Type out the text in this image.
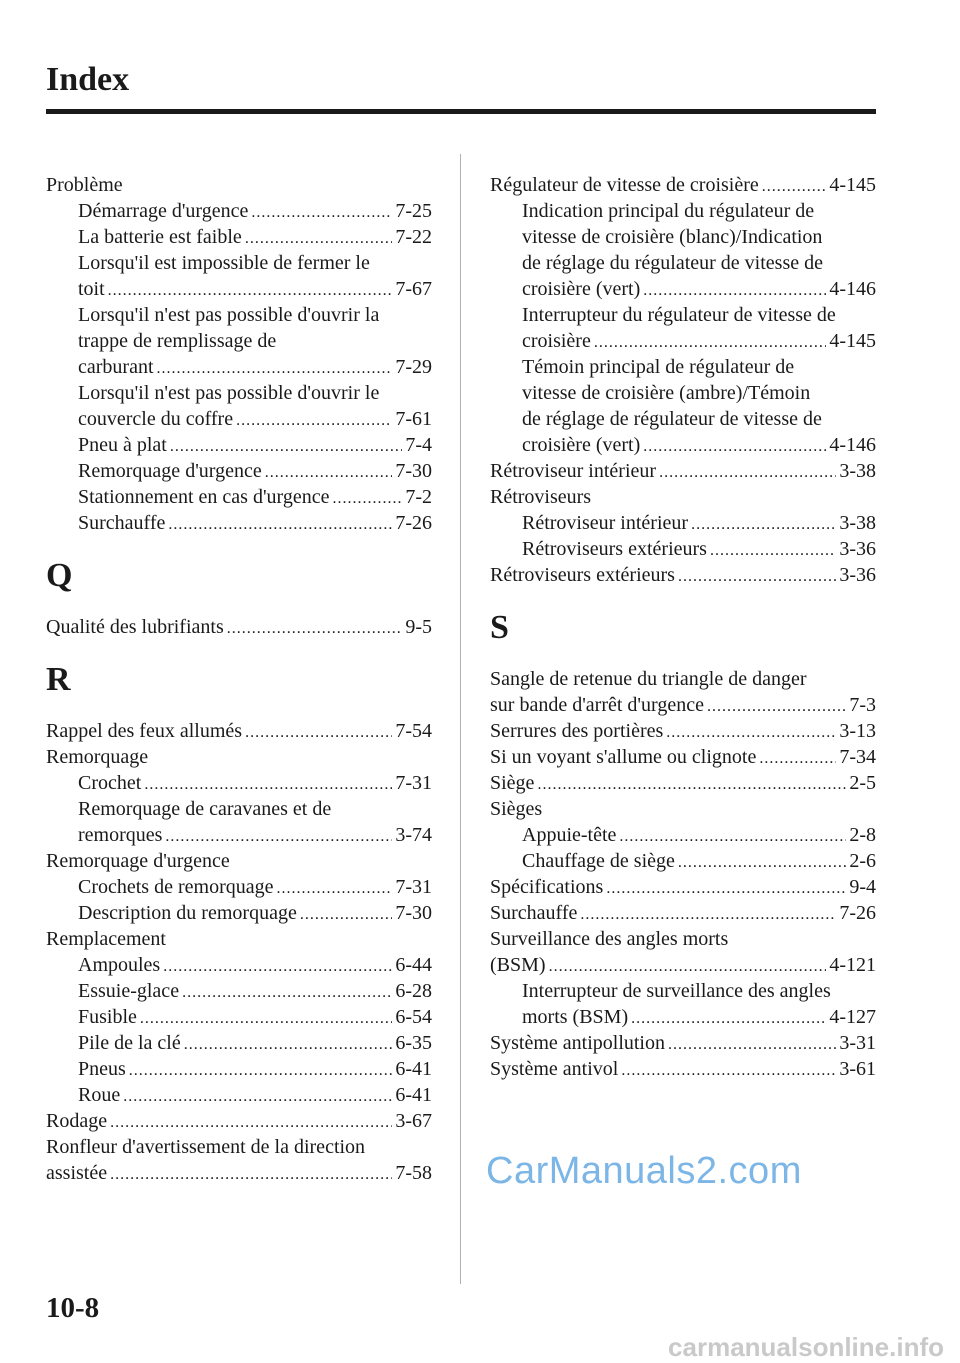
Index
Problème
Démarrage d'urgence .....	7-25
La batterie est faible .....	7-22
Lorsqu'il est impossible de fermer le
toit .....	7-67
Lorsqu'il n'est pas possible d'ouvrir la
trappe de remplissage de
carburant .....	7-29
Lorsqu'il n'est pas possible d'ouvrir le
couvercle du coffre .....	7-61
Pneu à plat .....	7-4
Remorquage d'urgence .....	7-30
Stationnement en cas d'urgence .....	7-2
Surchauffe .....	7-26
Q
Qualité des lubrifiants .....	9-5
R
Rappel des feux allumés .....	7-54
Remorquage
Crochet .....	7-31
Remorquage de caravanes et de
remorques .....	3-74
Remorquage d'urgence
Crochets de remorquage .....	7-31
Description du remorquage .....	7-30
Remplacement
Ampoules .....	6-44
Essuie-glace .....	6-28
Fusible .....	6-54
Pile de la clé .....	6-35
Pneus .....	6-41
Roue .....	6-41
Rodage .....	3-67
Ronfleur d'avertissement de la direction
assistée .....	7-58
Régulateur de vitesse de croisière .....	4-145
Indication principal du régulateur de
vitesse de croisière (blanc)/Indication
de réglage du régulateur de vitesse de
croisière (vert) .....	4-146
Interrupteur du régulateur de vitesse de
croisière .....	4-145
Témoin principal de régulateur de
vitesse de croisière (ambre)/Témoin
de réglage de régulateur de vitesse de
croisière (vert) .....	4-146
Rétroviseur intérieur .....	3-38
Rétroviseurs
Rétroviseur intérieur .....	3-38
Rétroviseurs extérieurs .....	3-36
Rétroviseurs extérieurs .....	3-36
S
Sangle de retenue du triangle de danger
sur bande d'arrêt d'urgence .....	7-3
Serrures des portières .....	3-13
Si un voyant s'allume ou clignote .....	7-34
Siège .....	2-5
Sièges
Appuie-tête .....	2-8
Chauffage de siège .....	2-6
Spécifications .....	9-4
Surchauffe .....	7-26
Surveillance des angles morts
(BSM) .....	4-121
Interrupteur de surveillance des angles
morts (BSM) .....	4-127
Système antipollution .....	3-31
Système antivol .....	3-61
CarManuals2.com
10-8
carmanualsonline.info
